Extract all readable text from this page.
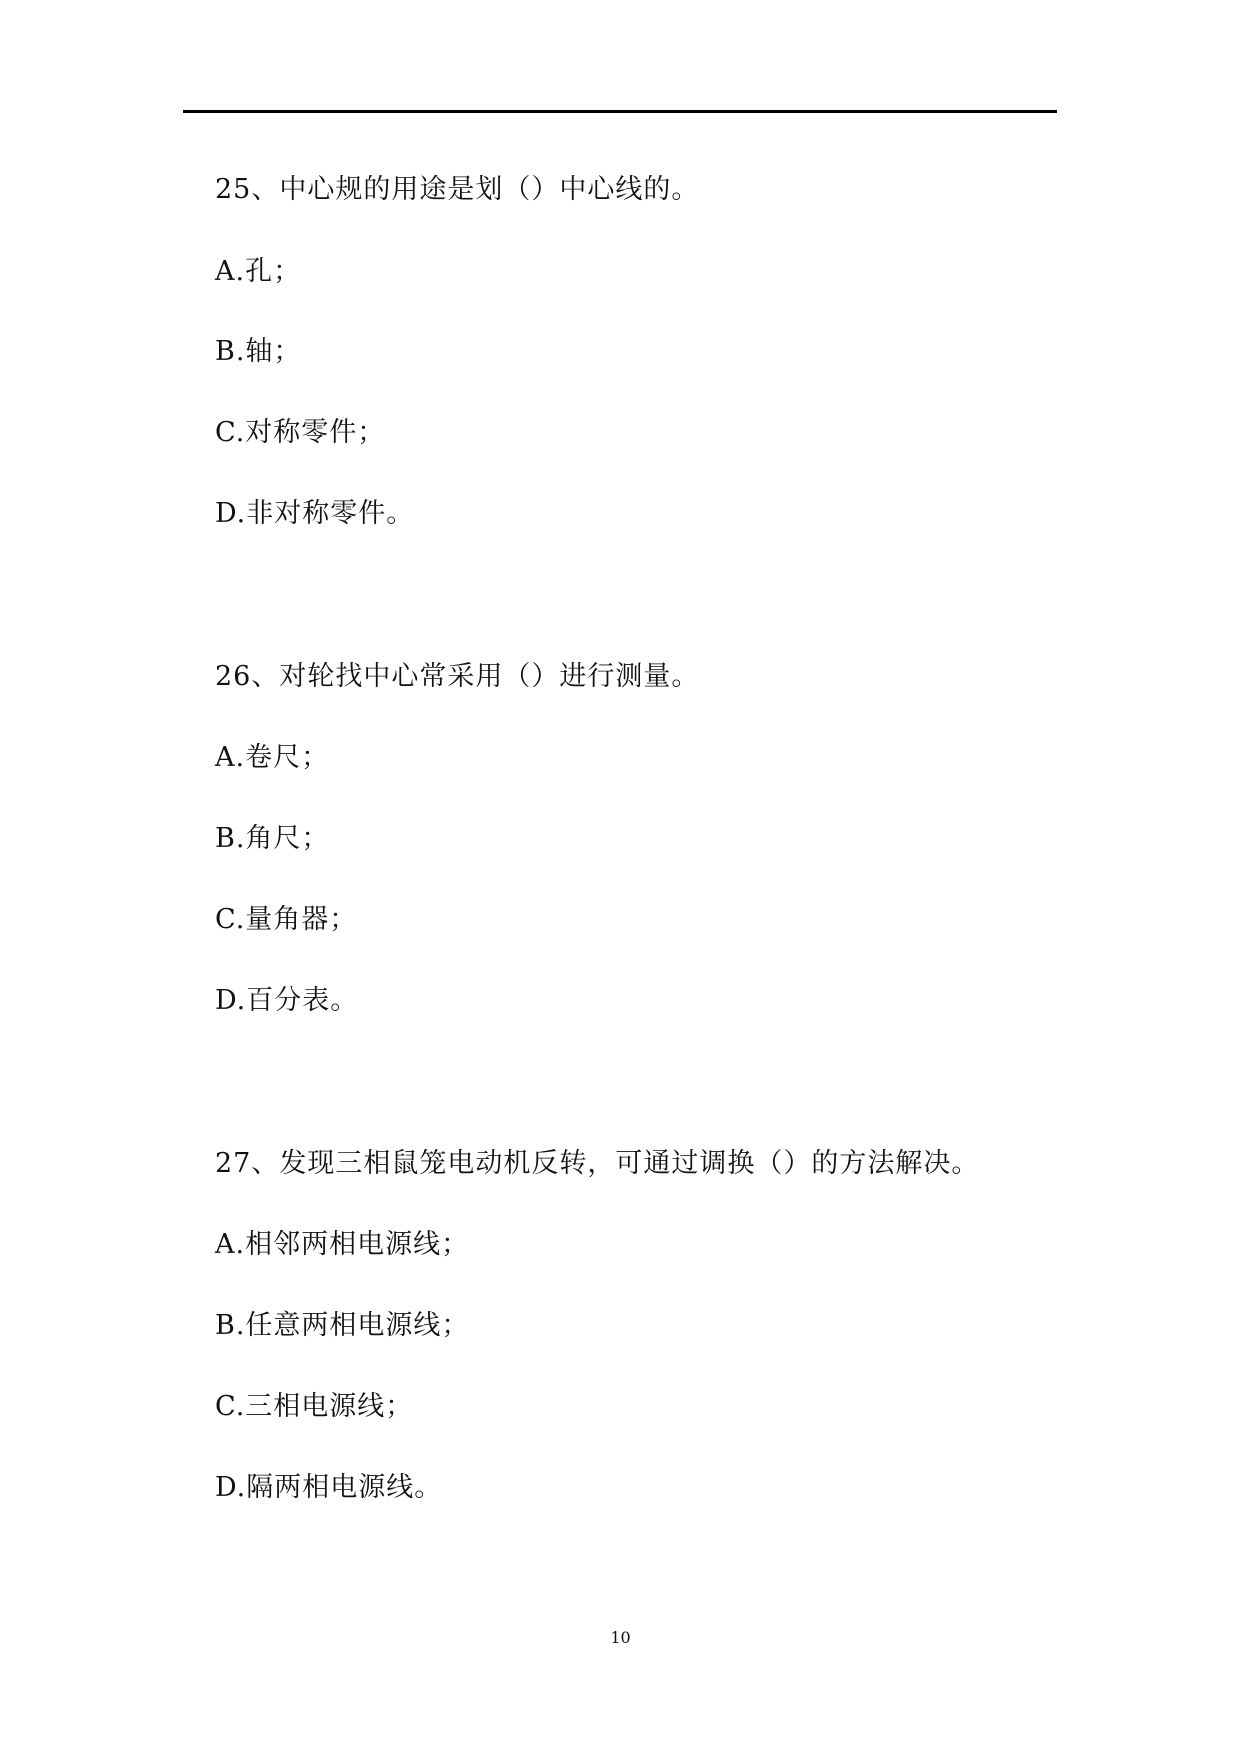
25、中心规的用途是划（）中心线的。
A.孔；
B.轴；
C.对称零件；
D.非对称零件。
26、对轮找中心常采用（）进行测量。
A.卷尺；
B.角尺；
C.量角器；
D.百分表。
27、发现三相鼠笼电动机反转，可通过调换（）的方法解决。
A.相邻两相电源线；
B.任意两相电源线；
C.三相电源线；
D.隔两相电源线。
10
